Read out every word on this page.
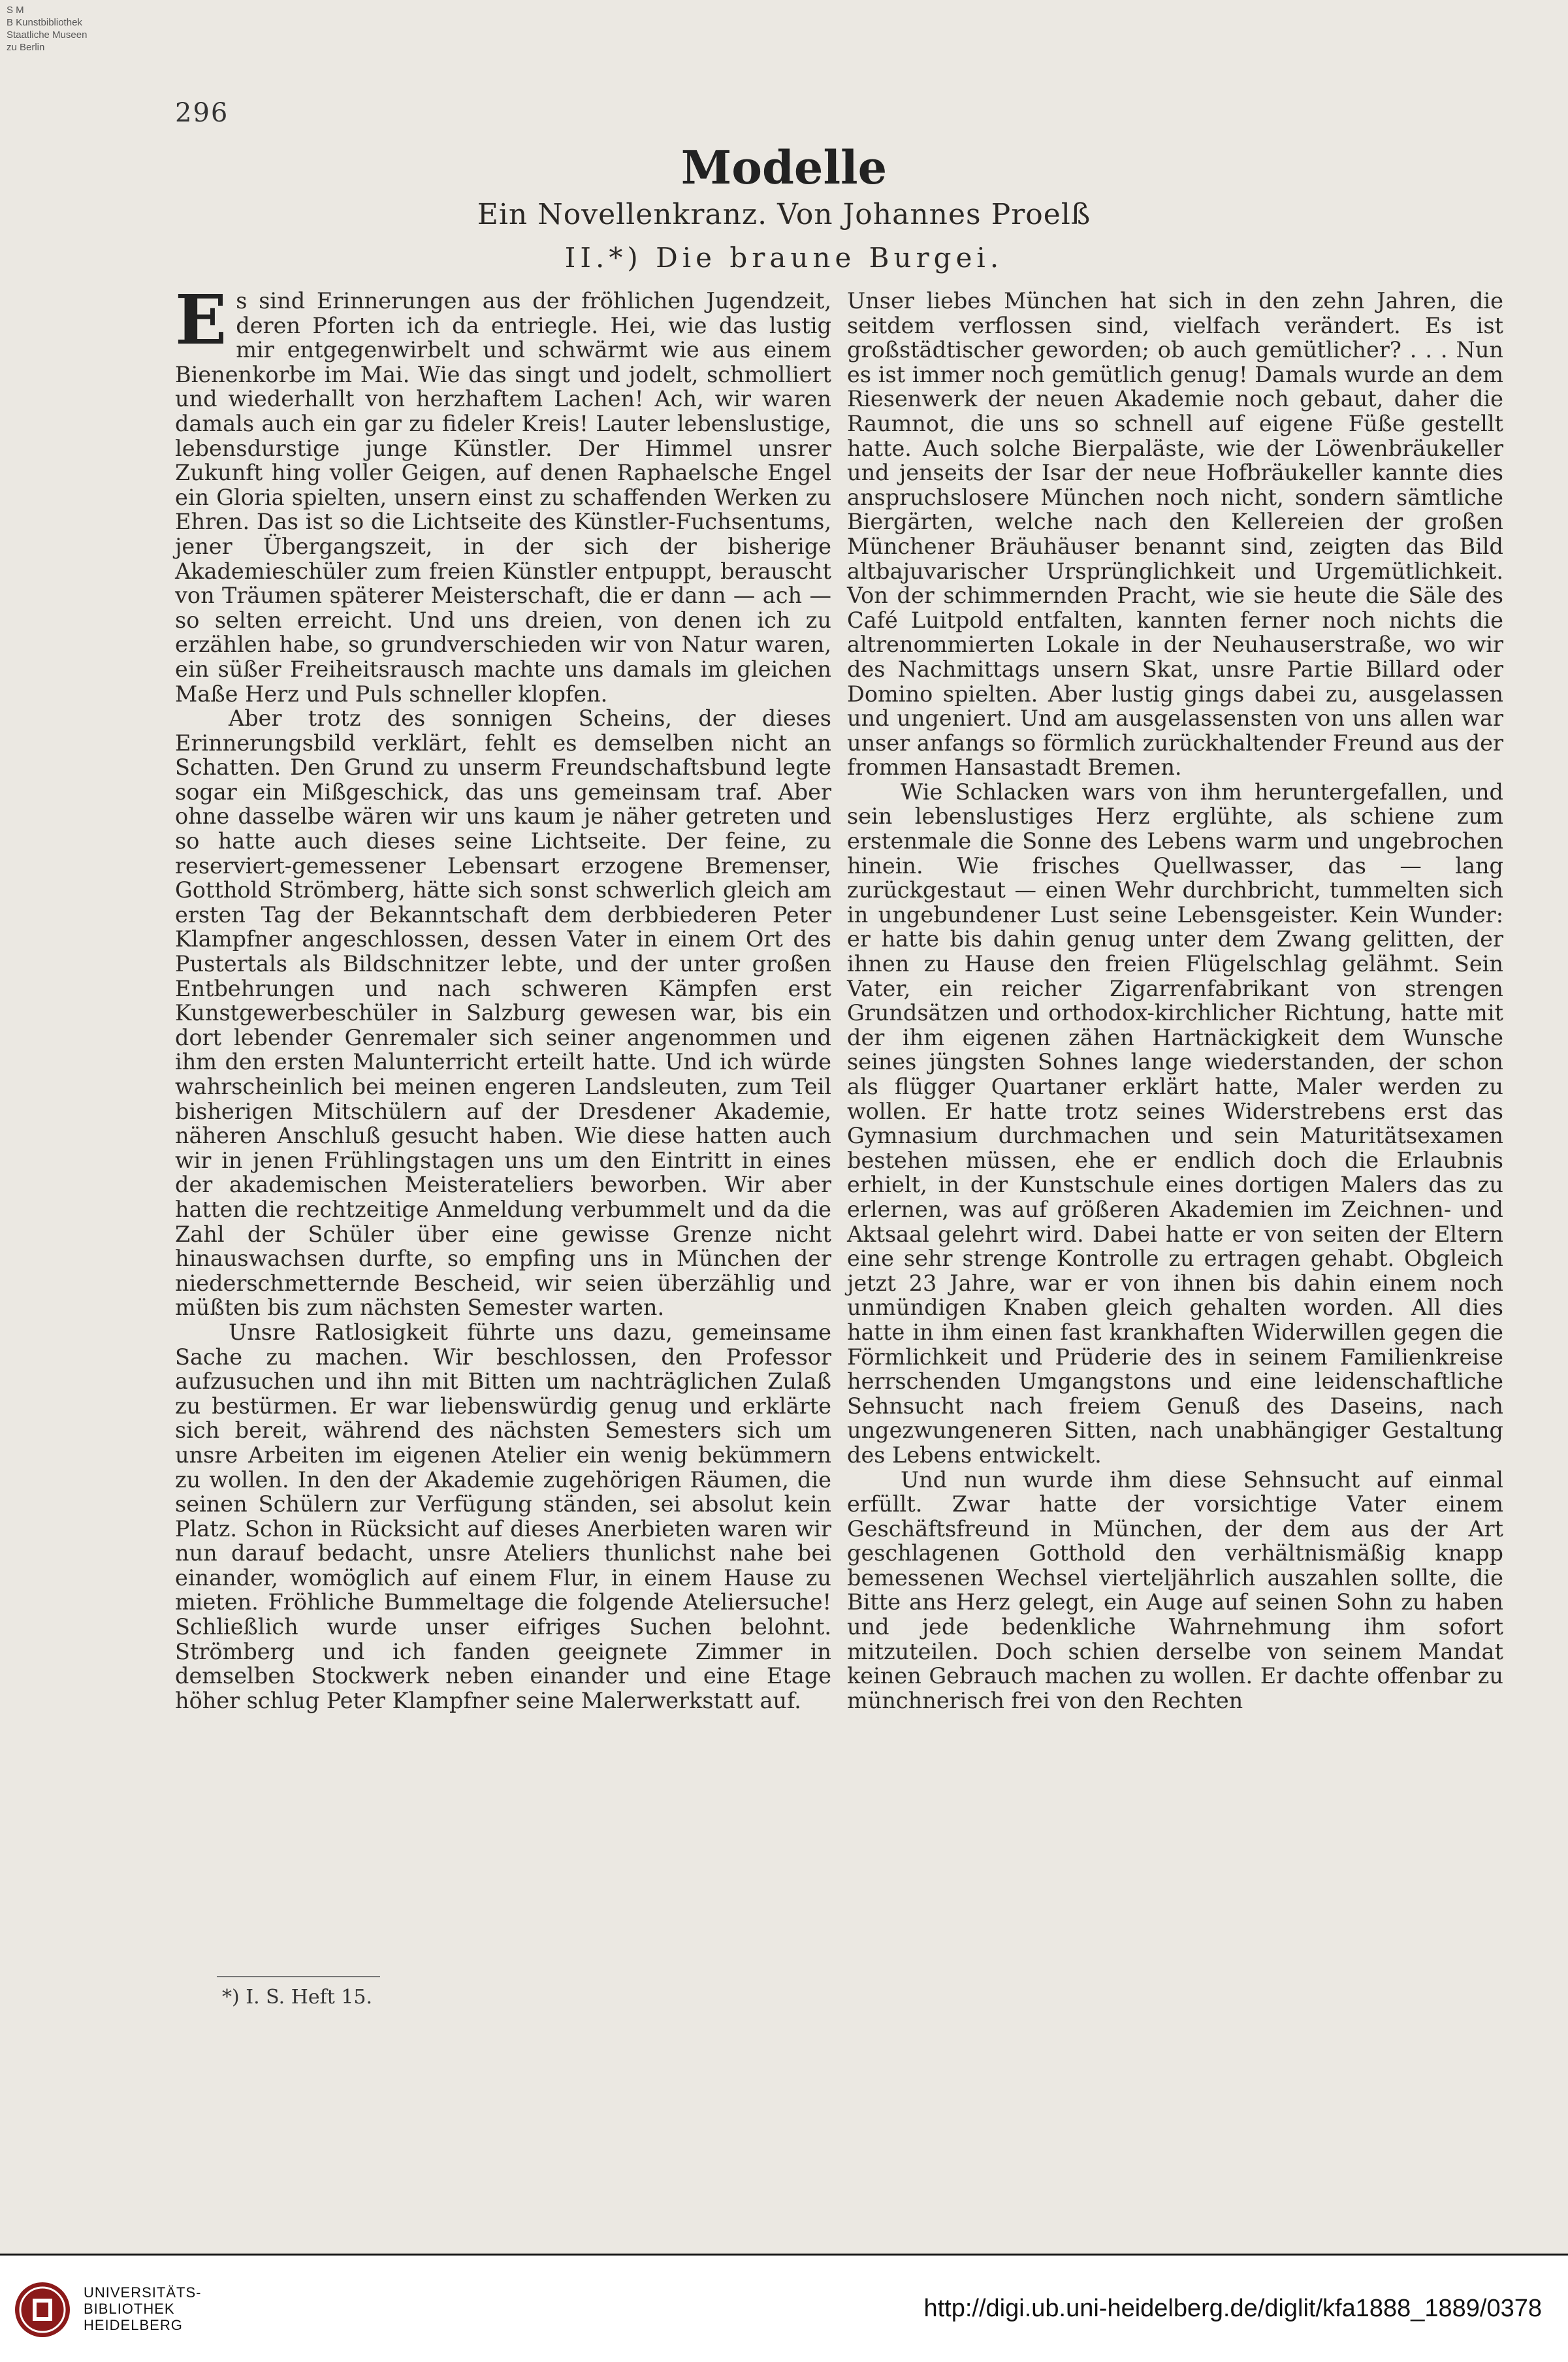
S M
B Kunstbibliothek
Staatliche Museen
zu Berlin
296
Modelle
Ein Novellenkranz. Von Johannes Proelß
II.*) Die braune Burgei.

Es sind Erinnerungen aus der fröhlichen Jugendzeit, deren Pforten ich da entriegle. Hei, wie das lustig mir entgegenwirbelt und schwärmt wie aus einem Bienenkorbe im Mai. Wie das singt und jodelt, schmolliert und wiederhallt von herzhaftem Lachen! Ach, wir waren damals auch ein gar zu fideler Kreis! Lauter lebenslustige, lebensdurstige junge Künstler. Der Himmel unsrer Zukunft hing voller Geigen, auf denen Raphaelsche Engel ein Gloria spielten, unsern einst zu schaffenden Werken zu Ehren. Das ist so die Lichtseite des Künstler-Fuchsentums, jener Übergangszeit, in der sich der bisherige Akademieschüler zum freien Künstler entpuppt, berauscht von Träumen späterer Meisterschaft, die er dann — ach — so selten erreicht. Und uns dreien, von denen ich zu erzählen habe, so grundverschieden wir von Natur waren, ein süßer Freiheitsrausch machte uns damals im gleichen Maße Herz und Puls schneller klopfen.

Aber trotz des sonnigen Scheins, der dieses Erinnerungsbild verklärt, fehlt es demselben nicht an Schatten. Den Grund zu unserm Freundschaftsbund legte sogar ein Mißgeschick, das uns gemeinsam traf. Aber ohne dasselbe wären wir uns kaum je näher getreten und so hatte auch dieses seine Lichtseite. Der feine, zu reserviert-gemessener Lebensart erzogene Bremenser, Gotthold Strömberg, hätte sich sonst schwerlich gleich am ersten Tag der Bekanntschaft dem derbbiederen Peter Klampfner angeschlossen, dessen Vater in einem Ort des Pustertals als Bildschnitzer lebte, und der unter großen Entbehrungen und nach schweren Kämpfen erst Kunstgewerbeschüler in Salzburg gewesen war, bis ein dort lebender Genremaler sich seiner angenommen und ihm den ersten Malunterricht erteilt hatte. Und ich würde wahrscheinlich bei meinen engeren Landsleuten, zum Teil bisherigen Mitschülern auf der Dresdener Akademie, näheren Anschluß gesucht haben. Wie diese hatten auch wir in jenen Frühlingstagen uns um den Eintritt in eines der akademischen Meisterateliers beworben. Wir aber hatten die rechtzeitige Anmeldung verbummelt und da die Zahl der Schüler über eine gewisse Grenze nicht hinauswachsen durfte, so empfing uns in München der niederschmetternde Bescheid, wir seien überzählig und müßten bis zum nächsten Semester warten.

Unsre Ratlosigkeit führte uns dazu, gemeinsame Sache zu machen. Wir beschlossen, den Professor aufzusuchen und ihn mit Bitten um nachträglichen Zulaß zu bestürmen. Er war liebenswürdig genug und erklärte sich bereit, während des nächsten Semesters sich um unsre Arbeiten im eigenen Atelier ein wenig bekümmern zu wollen. In den der Akademie zugehörigen Räumen, die seinen Schülern zur Verfügung ständen, sei absolut kein Platz. Schon in Rücksicht auf dieses Anerbieten waren wir nun darauf bedacht, unsre Ateliers thunlichst nahe bei einander, womöglich auf einem Flur, in einem Hause zu mieten. Fröhliche Bummeltage die folgende Ateliersuche! Schließlich wurde unser eifriges Suchen belohnt. Strömberg und ich fanden geeignete Zimmer in demselben Stockwerk neben einander und eine Etage höher schlug Peter Klampfner seine Malerwerkstatt auf.

Unser liebes München hat sich in den zehn Jahren, die seitdem verflossen sind, vielfach verändert. Es ist großstädtischer geworden; ob auch gemütlicher? . . . Nun es ist immer noch gemütlich genug! Damals wurde an dem Riesenwerk der neuen Akademie noch gebaut, daher die Raumnot, die uns so schnell auf eigene Füße gestellt hatte. Auch solche Bierpaläste, wie der Löwenbräukeller und jenseits der Isar der neue Hofbräukeller kannte dies anspruchslosere München noch nicht, sondern sämtliche Biergärten, welche nach den Kellereien der großen Münchener Bräuhäuser benannt sind, zeigten das Bild altbajuvarischer Ursprünglichkeit und Urgemütlichkeit. Von der schimmernden Pracht, wie sie heute die Säle des Café Luitpold entfalten, kannten ferner noch nichts die altrenommierten Lokale in der Neuhauserstraße, wo wir des Nachmittags unsern Skat, unsre Partie Billard oder Domino spielten. Aber lustig gings dabei zu, ausgelassen und ungeniert. Und am ausgelassensten von uns allen war unser anfangs so förmlich zurückhaltender Freund aus der frommen Hansastadt Bremen.

Wie Schlacken wars von ihm heruntergefallen, und sein lebenslustiges Herz erglühte, als schiene zum erstenmale die Sonne des Lebens warm und ungebrochen hinein. Wie frisches Quellwasser, das — lang zurückgestaut — einen Wehr durchbricht, tummelten sich in ungebundener Lust seine Lebensgeister. Kein Wunder: er hatte bis dahin genug unter dem Zwang gelitten, der ihnen zu Hause den freien Flügelschlag gelähmt. Sein Vater, ein reicher Zigarrenfabrikant von strengen Grundsätzen und orthodox-kirchlicher Richtung, hatte mit der ihm eigenen zähen Hartnäckigkeit dem Wunsche seines jüngsten Sohnes lange wiederstanden, der schon als flügger Quartaner erklärt hatte, Maler werden zu wollen. Er hatte trotz seines Widerstrebens erst das Gymnasium durchmachen und sein Maturitätsexamen bestehen müssen, ehe er endlich doch die Erlaubnis erhielt, in der Kunstschule eines dortigen Malers das zu erlernen, was auf größeren Akademien im Zeichnen- und Aktsaal gelehrt wird. Dabei hatte er von seiten der Eltern eine sehr strenge Kontrolle zu ertragen gehabt. Obgleich jetzt 23 Jahre, war er von ihnen bis dahin einem noch unmündigen Knaben gleich gehalten worden. All dies hatte in ihm einen fast krankhaften Widerwillen gegen die Förmlichkeit und Prüderie des in seinem Familienkreise herrschenden Umgangstons und eine leidenschaftliche Sehnsucht nach freiem Genuß des Daseins, nach ungezwungeneren Sitten, nach unabhängiger Gestaltung des Lebens entwickelt.

Und nun wurde ihm diese Sehnsucht auf einmal erfüllt. Zwar hatte der vorsichtige Vater einem Geschäftsfreund in München, der dem aus der Art geschlagenen Gotthold den verhältnismäßig knapp bemessenen Wechsel vierteljährlich auszahlen sollte, die Bitte ans Herz gelegt, ein Auge auf seinen Sohn zu haben und jede bedenkliche Wahrnehmung ihm sofort mitzuteilen. Doch schien derselbe von seinem Mandat keinen Gebrauch machen zu wollen. Er dachte offenbar zu münchnerisch frei von den Rechten

*) I. S. Heft 15.
UNIVERSITÄTS-
BIBLIOTHEK
HEIDELBERG
http://digi.ub.uni-heidelberg.de/diglit/kfa1888_1889/0378
